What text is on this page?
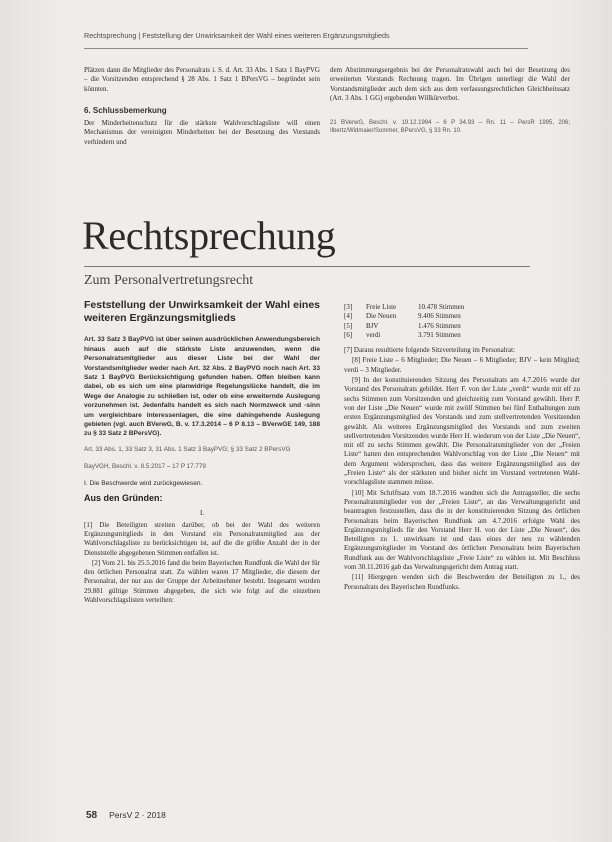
Rechtsprechung | Feststellung der Unwirksamkeit der Wahl eines weiteren Ergänzungsmitglieds

Plätzen dann die Mitglieder des Personalrats i. S. d. Art. 33 Abs. 1 Satz 1 BayPVG – die Vorsitzenden entsprechend § 28 Abs. 1 Satz 1 BPersVG – begründet sein könnten.

6. Schlussbemerkung

Der Minderheitenschutz für die stärkste Wahlvorschlagsliste will einen Mechanismus der vereinigten Minderheiten bei der Besetzung des Vorstands verhindern und

dem Abstimmungsergebnis bei der Personalratswahl auch bei der Besetzung des erweiterten Vorstands Rechnung tragen. Im Übrigen unterliegt die Wahl der Vorstandsmitglieder auch dem sich aus dem verfassungsrechtlichen Gleichheitssatz (Art. 3 Abs. 1 GG) ergebenden Willkürverbot.

21 BVerwG, Beschl. v. 19.12.1994 – 6 P 34.93 – Rn. 11 – PersR 1995, 206; Ilbertz/Widmaier/Sommer, BPersVG, § 33 Rn. 10.
Rechtsprechung
Zum Personalvertretungsrecht
Feststellung der Unwirksamkeit der Wahl eines weiteren Ergänzungsmitglieds
Art. 33 Satz 3 BayPVG ist über seinen ausdrücklichen Anwendungsbereich hinaus auch auf die stärkste Liste anzuwenden, wenn die Personalratsmitglieder aus dieser Liste bei der Wahl der Vorstandsmitglieder weder nach Art. 32 Abs. 2 BayPVG noch nach Art. 33 Satz 1 BayPVG Berücksichtigung gefunden haben. Offen bleiben kann dabei, ob es sich um eine planwidrige Regelungslücke handelt, die im Wege der Analogie zu schließen ist, oder ob eine erweiternde Auslegung vorzunehmen ist. Jedenfalls handelt es sich nach Normzweck und -sinn um vergleichbare Interessenlagen, die eine dahingehende Auslegung gebieten (vgl. auch BVerwG, B. v. 17.3.2014 – 6 P 8.13 – BVerwGE 149, 188 zu § 33 Satz 2 BPersVG).
Art. 33 Abs. 1, 33 Satz 3, 31 Abs. 1 Satz 3 BayPVG; § 33 Satz 2 BPersVG
BayVGH, Beschl. v. 8.5.2017 – 17 P 17.779

I. Die Beschwerde wird zurückgewiesen.

Aus den Gründen:
I.

[1] Die Beteiligten streiten darüber, ob bei der Wahl des weiteren Ergänzungsmitglieds in den Vorstand ein Personalratsmitglied aus der Wahlvorschlagsliste zu berücksichtigen ist, auf die die größte Anzahl der in der Dienststelle abgegebenen Stimmen entfallen ist.

[2] Vom 21. bis 25.5.2016 fand die beim Bayerischen Rundfunk die Wahl der für den örtlichen Personalrat statt. Zu wählen waren 17 Mitglieder, die diesem der Personalrat, der nur aus der Gruppe der Arbeitnehmer besteht. Insgesamt wurden 29.881 gültige Stimmen abgegeben, die sich wie folgt auf die einzelnen Wahlvorschlagslisten verteilten:

[3]	Freie Liste	10.478 Stimmen
[4]	Die Neuen	9.406 Stimmen
[5]	BJV	1.476 Stimmen
[6]	verdi	3.791 Stimmen

[7] Daraus resultierte folgende Sitzverteilung im Personalrat:

[8] Freie Liste – 6 Mitglieder; Die Neuen – 6 Mitglieder; BJV – kein Mitglied; verdi – 3 Mitglieder.

[9] In der konstituierenden Sitzung des Personalrats am 4.7.2016 wurde der Vorstand des Personalrats gebildet. Herr F. von der Liste „verdi“ wurde mit elf zu sechs Stimmen zum Vorsitzenden und gleichzeitig zum Vorstand gewählt. Herr P. von der Liste „Die Neuen“ wurde mit zwölf Stimmen bei fünf Enthaltungen zum ersten Ergänzungsmitglied des Vorstands und zum stellvertretenden Vorsitzenden gewählt. Als weiteres Ergänzungsmitglied des Vorstands und zum zweiten stellvertretenden Vorsitzenden wurde Herr H. wiederum von der Liste „Die Neuen“, mit elf zu sechs Stimmen gewählt. Die Personalratsmitglieder von der „Freien Liste“ hatten den entsprechenden Wahlvorschlag von der Liste „Die Neuen“ mit dem Argument widersprochen, dass das weitere Ergänzungsmitglied aus der „Freien Liste“ als der stärksten und bisher nicht im Vorstand vertretenen Wahlvorschlagsliste stammen müsse.

[10] Mit Schriftsatz vom 18.7.2016 wandten sich die Antragsteller, die sechs Personalratsmitglieder von der „Freien Liste“, an das Verwaltungsgericht und beantragten festzustellen, dass die in der konstituierenden Sitzung des örtlichen Personalrats beim Bayerischen Rundfunk am 4.7.2016 erfolgte Wahl des Ergänzungsmitglieds für den Vorstand Herr H. von der Liste „Die Neuen“, des Beteiligten zu 1. unwirksam ist und dass eines der neu zu wählenden Ergänzungsmitglieder im Vorstand des örtlichen Personalrats beim Bayerischen Rundfunk aus der Wahlvorschlagsliste „Freie Liste“ zu wählen ist. Mit Beschluss vom 30.11.2016 gab das Verwaltungsgericht dem Antrag statt.

[11] Hiergegen wenden sich die Beschwerden der Beteiligten zu 1., des Personalrats des Bayerischen Rundfunks.

58 PersV 2 · 2018
